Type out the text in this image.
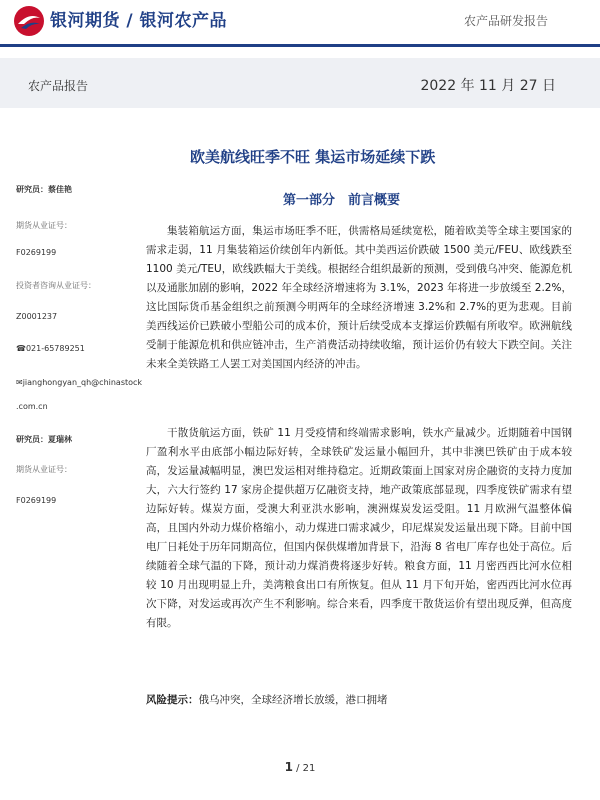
银河期货 / 银河农产品	农产品研发报告
农产品报告	2022 年 11 月 27 日
欧美航线旺季不旺 集运市场延续下跌
第一部分　前言概要
研究员：蔡佳艳
期货从业证号：
F0269199
投资者咨询从业证号：
Z0001237
☎021-65789251
✉jianghongyan_qh@chinastock
.com.cn
研究员：夏瑞林
期货从业证号：
F0269199

集装箱航运方面，集运市场旺季不旺，供需格局延续宽松，随着欧美等全球主要国家的需求走弱，11 月集装箱运价续创年内新低。其中美西运价跌破 1500 美元/FEU、欧线跌至 1100 美元/TEU，欧线跌幅大于美线。根据经合组织最新的预测，受到俄乌冲突、能源危机以及通胀加剧的影响，2022 年全球经济增速将为 3.1%，2023 年将进一步放缓至 2.2%，这比国际货币基金组织之前预测今明两年的全球经济增速 3.2%和 2.7%的更为悲观。目前美西线运价已跌破小型船公司的成本价，预计后续受成本支撑运价跌幅有所收窄。欧洲航线受制于能源危机和供应链冲击，生产消费活动持续收缩，预计运价仍有较大下跌空间。关注未来全美铁路工人罢工对美国国内经济的冲击。

干散货航运方面，铁矿 11 月受疫情和终端需求影响，铁水产量减少。近期随着中国钢厂盈利水平由底部小幅边际好转，全球铁矿发运量小幅回升，其中非澳巴铁矿由于成本较高，发运量减幅明显，澳巴发运相对维持稳定。近期政策面上国家对房企融资的支持力度加大，六大行签约 17 家房企提供超万亿融资支持，地产政策底部显现，四季度铁矿需求有望边际好转。煤炭方面，受澳大利亚洪水影响，澳洲煤炭发运受阻。11 月欧洲气温整体偏高，且国内外动力煤价格缩小，动力煤进口需求减少，印尼煤炭发运量出现下降。目前中国电厂日耗处于历年同期高位，但国内保供煤增加背景下，沿海 8 省电厂库存也处于高位。后续随着全球气温的下降，预计动力煤消费将逐步好转。粮食方面，11 月密西西比河水位相较 10 月出现明显上升，美湾粮食出口有所恢复。但从 11 月下旬开始，密西西比河水位再次下降，对发运或再次产生不利影响。综合来看，四季度干散货运价有望出现反弹，但高度有限。

风险提示：俄乌冲突，全球经济增长放缓，港口拥堵
1 / 21
